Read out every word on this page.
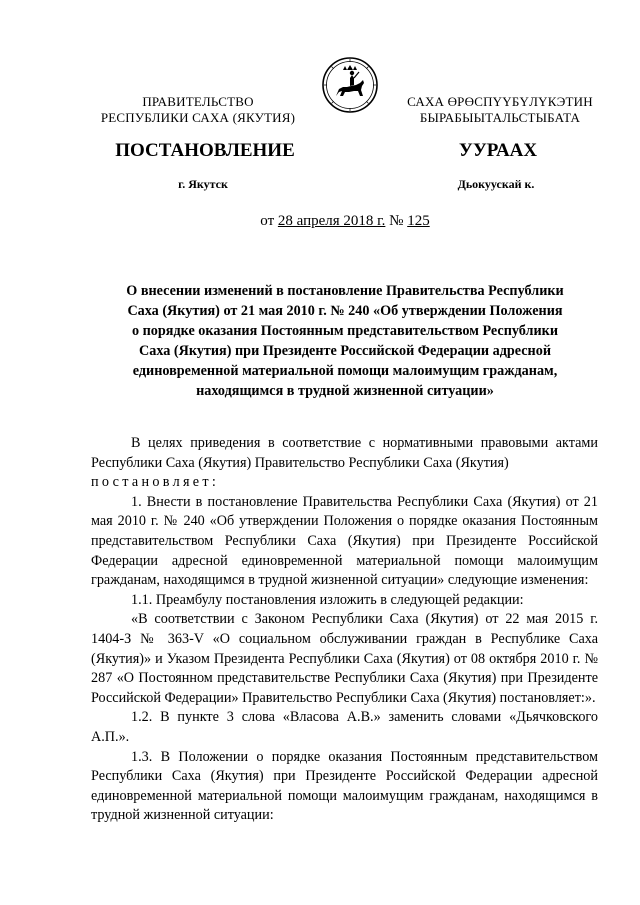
ПРАВИТЕЛЬСТВО
РЕСПУБЛИКИ САХА (ЯКУТИЯ)
САХА ӨРӨСПҮҮБҮЛҮКЭТИН
БЫРАБЫЫТАЛЬСТЫБАТА
ПОСТАНОВЛЕНИЕ	УУРААХ
г. Якутск	Дьокуускай к.
от 28 апреля 2018 г. № 125
О внесении изменений в постановление Правительства Республики
Саха (Якутия) от 21 мая 2010 г. № 240 «Об утверждении Положения
о порядке оказания Постоянным представительством Республики
Саха (Якутия) при Президенте Российской Федерации адресной
единовременной материальной помощи малоимущим гражданам,
находящимся в трудной жизненной ситуации»

В целях приведения в соответствие с нормативными правовыми актами Республики Саха (Якутия) Правительство Республики Саха (Якутия)

постановляет:

1. Внести в постановление Правительства Республики Саха (Якутия) от 21 мая 2010 г. № 240 «Об утверждении Положения о порядке оказания Постоянным представительством Республики Саха (Якутия) при Президенте Российской Федерации адресной единовременной материальной помощи малоимущим гражданам, находящимся в трудной жизненной ситуации» следующие изменения:

1.1. Преамбулу постановления изложить в следующей редакции:

«В соответствии с Законом Республики Саха (Якутия) от 22 мая 2015 г. 1404-З № 363-V «О социальном обслуживании граждан в Республике Саха (Якутия)» и Указом Президента Республики Саха (Якутия) от 08 октября 2010 г. № 287 «О Постоянном представительстве Республики Саха (Якутия) при Президенте Российской Федерации» Правительство Республики Саха (Якутия) постановляет:».

1.2. В пункте 3 слова «Власова А.В.» заменить словами «Дьячковского А.П.».

1.3. В Положении о порядке оказания Постоянным представительством Республики Саха (Якутия) при Президенте Российской Федерации адресной единовременной материальной помощи малоимущим гражданам, находящимся в трудной жизненной ситуации:
